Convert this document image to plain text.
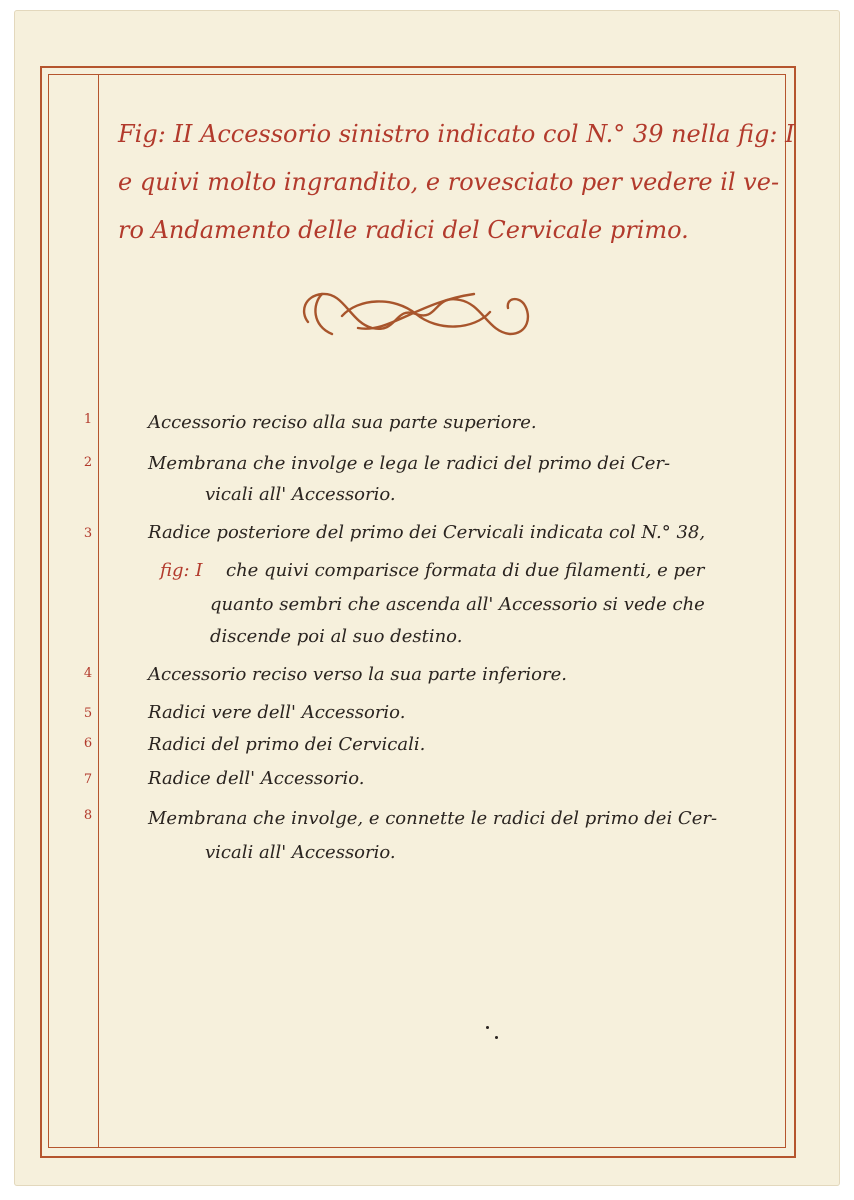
Fig: II Accessorio sinistro indicato col N.° 39 nella fig: I
e quivi molto ingrandito, e rovesciato per vedere il ve-
ro Andamento delle radici del Cervicale primo.
1	Accessorio reciso alla sua parte superiore.
2	Membrana che involge e lega le radici del primo dei Cer-
vicali all' Accessorio.
3	Radice posteriore del primo dei Cervicali indicata col N.° 38,
fig: I che quivi comparisce formata di due filamenti, e per
quanto sembri che ascenda all' Accessorio si vede che
discende poi al suo destino.
4	Accessorio reciso verso la sua parte inferiore.
5	Radici vere dell' Accessorio.
6	Radici del primo dei Cervicali.
7	Radice dell' Accessorio.
8	Membrana che involge, e connette le radici del primo dei Cer-
vicali all' Accessorio.
